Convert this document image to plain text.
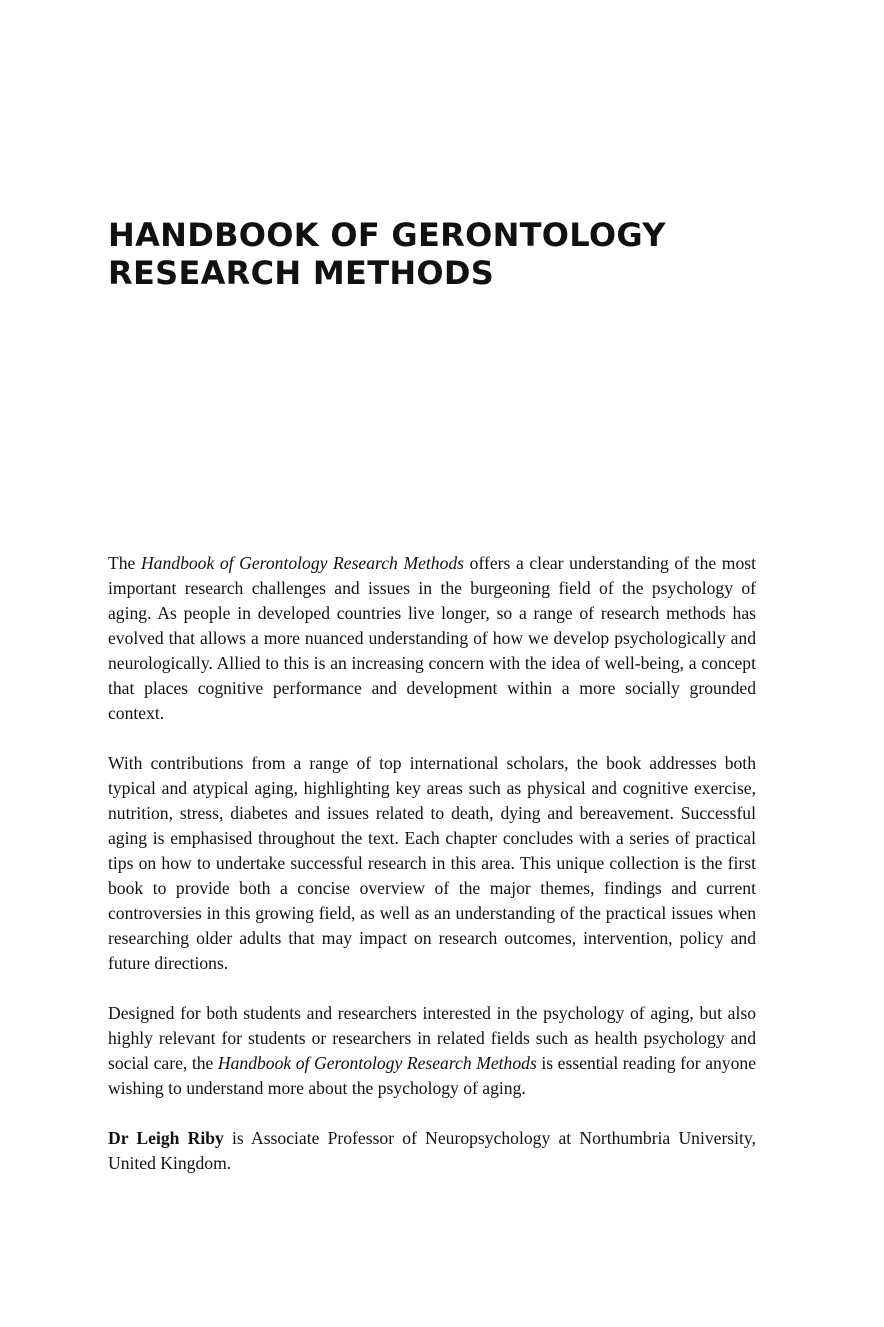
HANDBOOK OF GERONTOLOGY
RESEARCH METHODS

The Handbook of Gerontology Research Methods offers a clear understanding of the most important research challenges and issues in the burgeoning field of the psychology of aging. As people in developed countries live longer, so a range of research methods has evolved that allows a more nuanced understanding of how we develop psychologically and neurologically. Allied to this is an increasing concern with the idea of well-being, a concept that places cognitive performance and development within a more socially grounded context.

With contributions from a range of top international scholars, the book addresses both typical and atypical aging, highlighting key areas such as physical and cognitive exercise, nutrition, stress, diabetes and issues related to death, dying and bereavement. Successful aging is emphasised throughout the text. Each chapter concludes with a series of practical tips on how to undertake successful research in this area. This unique collection is the first book to provide both a concise overview of the major themes, findings and current controversies in this growing field, as well as an understanding of the practical issues when researching older adults that may impact on research outcomes, intervention, policy and future directions.

Designed for both students and researchers interested in the psychology of aging, but also highly relevant for students or researchers in related fields such as health psychology and social care, the Handbook of Gerontology Research Methods is essential reading for anyone wishing to understand more about the psychology of aging.

Dr Leigh Riby is Associate Professor of Neuropsychology at Northumbria University, United Kingdom.
